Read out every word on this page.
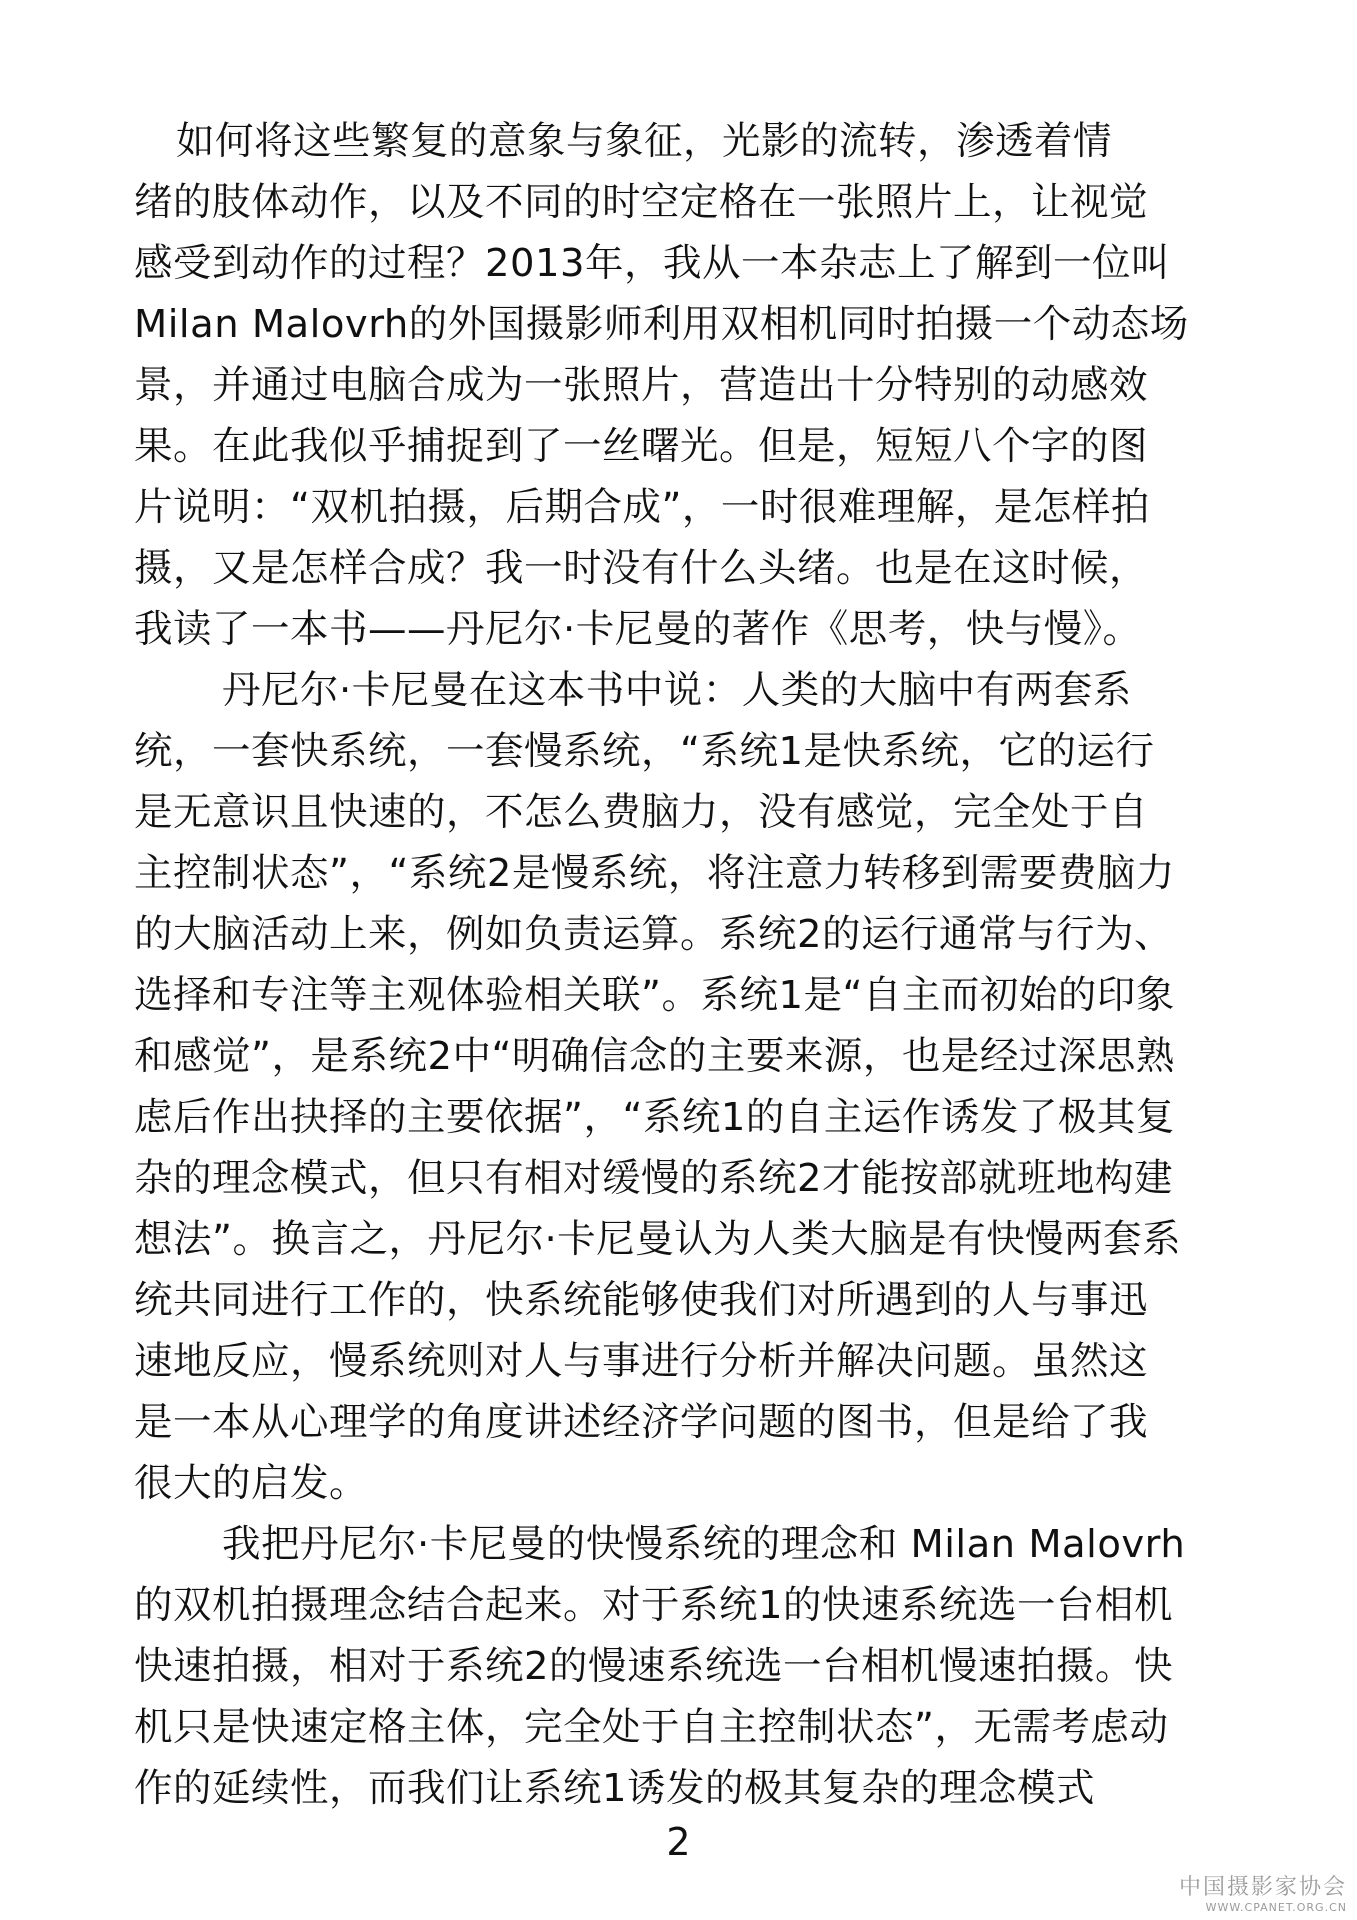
如何将这些繁复的意象与象征，光影的流转，渗透着情

绪的肢体动作，以及不同的时空定格在一张照片上，让视觉

感受到动作的过程？2013年，我从一本杂志上了解到一位叫

Milan Malovrh的外国摄影师利用双相机同时拍摄一个动态场

景，并通过电脑合成为一张照片，营造出十分特别的动感效

果。在此我似乎捕捉到了一丝曙光。但是，短短八个字的图

片说明：“双机拍摄，后期合成”，一时很难理解，是怎样拍

摄，又是怎样合成？我一时没有什么头绪。也是在这时候，

我读了一本书——丹尼尔·卡尼曼的著作《思考，快与慢》。

丹尼尔·卡尼曼在这本书中说：人类的大脑中有两套系

统，一套快系统，一套慢系统，“系统1是快系统，它的运行

是无意识且快速的，不怎么费脑力，没有感觉，完全处于自

主控制状态”，“系统2是慢系统，将注意力转移到需要费脑力

的大脑活动上来，例如负责运算。系统2的运行通常与行为、

选择和专注等主观体验相关联”。系统1是“自主而初始的印象

和感觉”，是系统2中“明确信念的主要来源，也是经过深思熟

虑后作出抉择的主要依据”，“系统1的自主运作诱发了极其复

杂的理念模式，但只有相对缓慢的系统2才能按部就班地构建

想法”。换言之，丹尼尔·卡尼曼认为人类大脑是有快慢两套系

统共同进行工作的，快系统能够使我们对所遇到的人与事迅

速地反应，慢系统则对人与事进行分析并解决问题。虽然这

是一本从心理学的角度讲述经济学问题的图书，但是给了我

很大的启发。

我把丹尼尔·卡尼曼的快慢系统的理念和 Milan Malovrh

的双机拍摄理念结合起来。对于系统1的快速系统选一台相机

快速拍摄，相对于系统2的慢速系统选一台相机慢速拍摄。快

机只是快速定格主体，完全处于自主控制状态”，无需考虑动

作的延续性，而我们让系统1诱发的极其复杂的理念模式

2

中国摄影家协会
WWW.CPANET.ORG.CN
